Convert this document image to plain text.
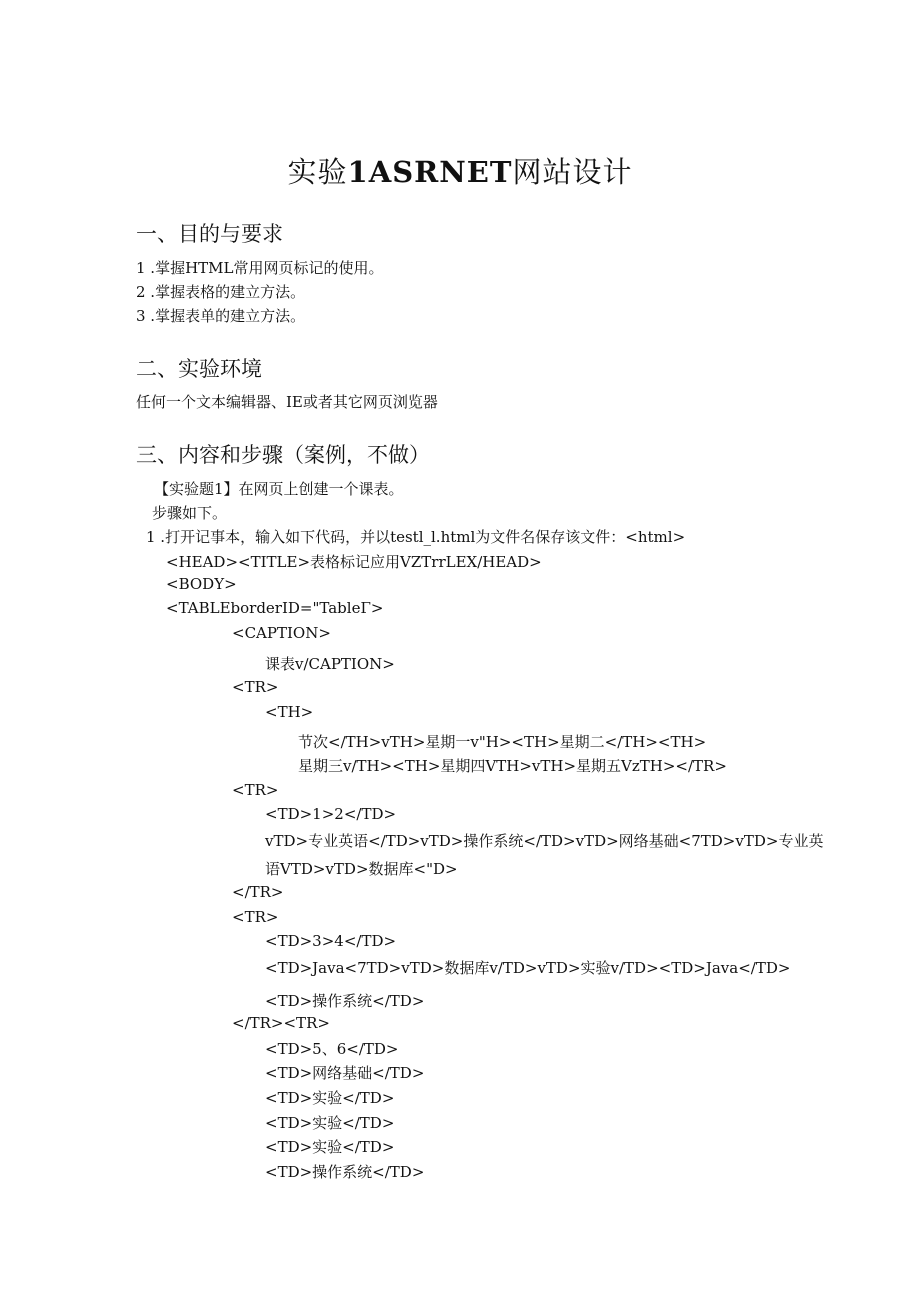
实验1ASRNET网站设计
一、目的与要求
1 .掌握HTML常用网页标记的使用。
2 .掌握表格的建立方法。
3 .掌握表单的建立方法。
二、实验环境
任何一个文本编辑器、IE或者其它网页浏览器
三、内容和步骤（案例，不做）
【实验题1】在网页上创建一个课表。
步骤如下。
1 .打开记事本，输入如下代码，并以testl_l.html为文件名保存该文件：<html>
<HEAD><TITLE>表格标记应用VZTrrLEX∕HEAD>
<BODY>
<TABLEborderID="TableΓ>
<CAPTION>
课表v∕CAPTION>
<TR>
<TH>
节次</TH>vTH>星期一v"H><TH>星期二</TH><TH>
星期三v∕TH><TH>星期四VTH>vTH>星期五VzTH></TR>
<TR>
<TD>1>2</TD>
vTD>专业英语</TD>vTD>操作系统</TD>vTD>网络基础<7TD>vTD>专业英
语VTD>vTD>数据库<"D>
</TR>
<TR>
<TD>3>4</TD>
<TD>Java<7TD>vTD>数据库v∕TD>vTD>实验v∕TD><TD>Java</TD>
<TD>操作系统</TD>
</TR><TR>
<TD>5、6</TD>
<TD>网络基础</TD>
<TD>实验</TD>
<TD>实验</TD>
<TD>实验</TD>
<TD>操作系统</TD>
